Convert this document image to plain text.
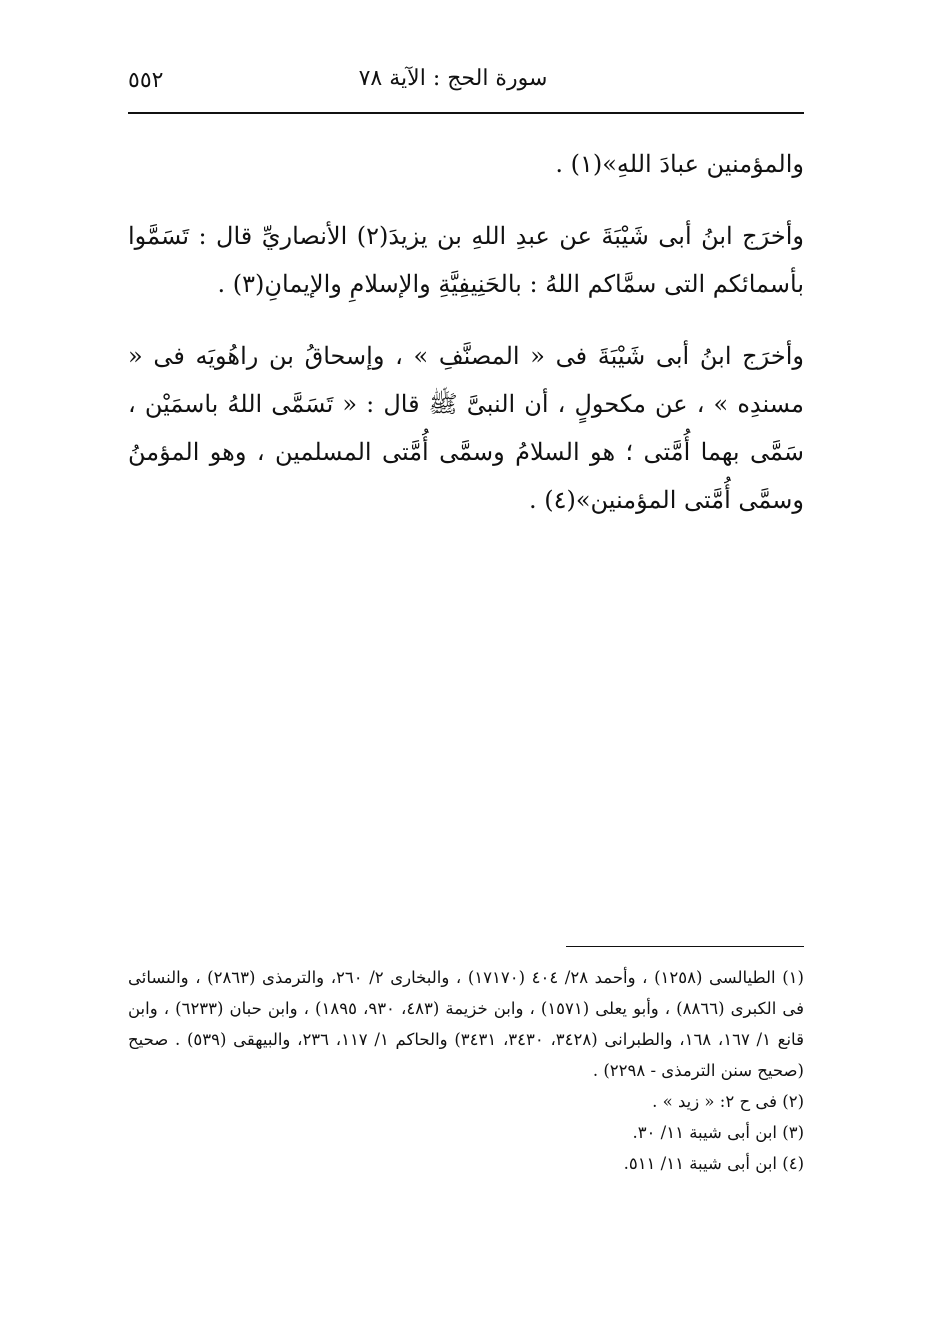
٥٥٢	سورة الحج : الآية ٧٨

والمؤمنين عبادَ اللهِ»(١) .

وأخرَج ابنُ أبى شَيْبَةَ عن عبدِ اللهِ بن يزيدَ(٢) الأنصاريِّ قال : تَسَمَّوا بأسمائكم التى سمَّاكم اللهُ : بالحَنِيفِيَّةِ والإسلامِ والإيمانِ(٣) .

وأخرَج ابنُ أبى شَيْبَةَ فى « المصنَّفِ » ، وإسحاقُ بن راهُويَه فى « مسندِه » ، عن مكحولٍ ، أن النبىَّ ﷺ قال : « تَسَمَّى اللهُ باسمَيْن ، سَمَّى بهما أُمَّتى ؛ هو السلامُ وسمَّى أُمَّتى المسلمين ، وهو المؤمنُ وسمَّى أُمَّتى المؤمنين»(٤) .

(١) الطيالسى (١٢٥٨) ، وأحمد ٢٨/ ٤٠٤ (١٧١٧٠) ، والبخارى ٢/ ٢٦٠، والترمذى (٢٨٦٣) ، والنسائى فى الكبرى (٨٨٦٦) ، وأبو يعلى (١٥٧١) ، وابن خزيمة (٤٨٣، ٩٣٠، ١٨٩٥) ، وابن حبان (٦٢٣٣) ، وابن قانع ١/ ١٦٧، ١٦٨، والطبرانى (٣٤٢٨، ٣٤٣٠، ٣٤٣١) والحاكم ١/ ١١٧، ٢٣٦، والبيهقى (٥٣٩) . صحيح (صحيح سنن الترمذى - ٢٢٩٨) .

(٢) فى ح ٢: « زيد » .

(٣) ابن أبى شيبة ١١/ ٣٠.

(٤) ابن أبى شيبة ١١/ ٥١١.
